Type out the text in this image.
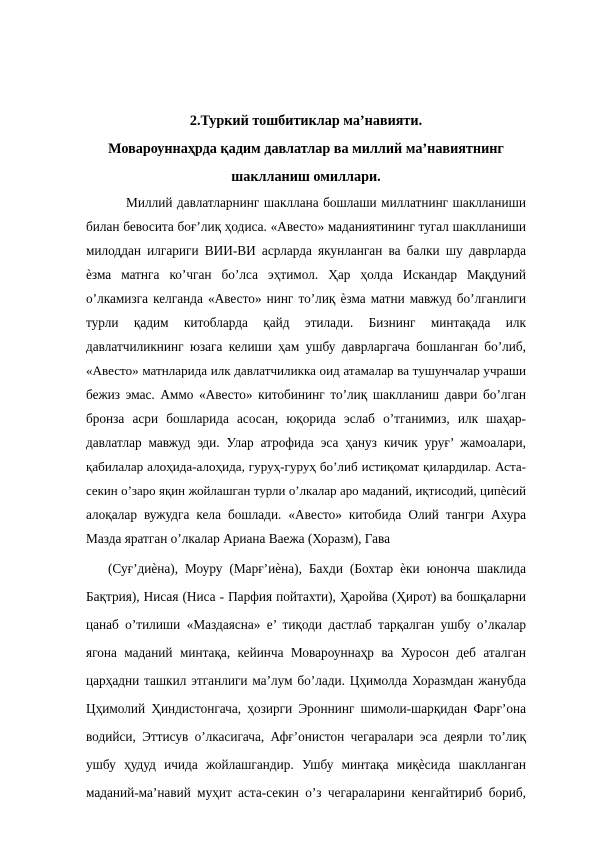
2.Туркий тошбитиклар ма’навияти.
Мовароуннаҳрда қадим давлатлар ва миллий ма’навиятнинг
шаклланиш омиллари.
Миллий давлатларнинг шаклланa бошлаши миллатнинг шаклланиши
билан бевосита боғ’лиқ ҳодиса. «Авесто» маданиятининг тугал шаклланиши
милоддан илгариги ВИИ-ВИ асрларда якунланган ва балки шу даврларда
ѐзма матнга ко’чган бо’лса эҳтимол. Ҳар ҳолда Искандар Мақдуний
о’лкамизга келганда «Авесто» нинг то’лиқ ѐзма матни мавжуд бо’лганлиги
турли қадим китобларда қайд этилади. Бизнинг минтақада илк
давлатчиликнинг юзага келиши ҳам ушбу даврларгача бошланган бо’либ,
«Авесто» матнларида илк давлатчиликка оид атамалар ва тушунчалар учраши
бежиз эмас. Аммо «Авесто» китобининг то’лиқ шаклланиш даври бо’лган
бронза асри бошларида асосан, юқорида эслаб о’тганимиз, илк шаҳар-
давлатлар мавжуд эди. Улар атрофида эса ҳануз кичик уруғ’ жамоалари,
қабилалар алоҳида-алоҳида, гуруҳ-гуруҳ бо’либ истиқомат қилардилар. Аста-
секин о’заро яқин жойлашган турли о’лкалар аро маданий, иқтисодий, ципѐсий
алоқалар вужудга кела бошлади. «Авесто» китобида Олий тангри Ахура
Мазда яратган о’лкалар Ариана Ваежа (Хоразм), Гава
(Суғ’диѐна), Моуру (Марғ’иѐна), Бахди (Бохтар ѐки юнонча шаклида
Бақтрия), Нисая (Ниса - Парфия пойтахти), Ҳаройва (Ҳирот) ва бошқаларни
цанаб о’тилиши «Маздаясна» е’ тиқоди дастлаб тарқалган ушбу о’лкалар
ягона маданий минтақа, кейинча Мовароуннаҳр ва Хуросон деб аталган
цаpҳадни ташкил этганлиги ма’лум бо’лади. Цҳимолда Хоразмдан жанубда
Цҳимолий Ҳиндистонгача, ҳозирги Эроннинг шимоли-шарқидан Фарғ’она
водийси, Эттисув о’лкасигача, Афғ’онистон чегаралари эса деярли то’лиқ
ушбу ҳудуд ичида жойлашгандир. Ушбу минтақа миқѐсида шаклланган
маданий-ма’навий муҳит аста-секин о’з чегараларини кенгайтириб бориб,
